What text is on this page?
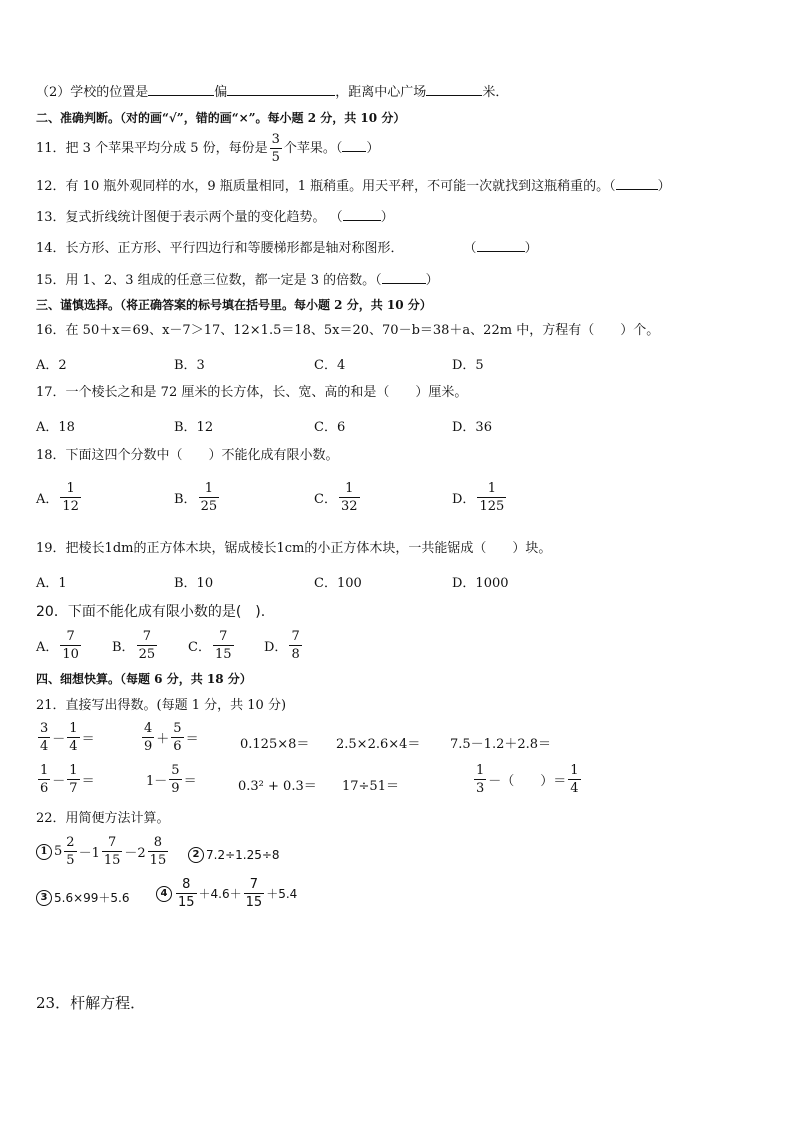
（2）学校的位置是	偏	，距离中心广场	米．
二、准确判断。（对的画“√”，错的画“×”。每小题 2 分，共 10 分）
11．把 3 个苹果平均分成 5 份，每份是 $\frac{3}{5}$ 个苹果。（ ）
12．有 10 瓶外观同样的水，9 瓶质量相同，1 瓶稍重。用天平秤，不可能一次就找到这瓶稍重的。（	）
13．复式折线统计图便于表示两个量的变化趋势。 （	）
14．长方形、正方形、平行四边行和等腰梯形都是轴对称图形．	（	）
15．用 1、2、3 组成的任意三位数，都一定是 3 的倍数。（	）
三、谨慎选择。（将正确答案的标号填在括号里。每小题 2 分，共 10 分）
16．在 50＋x＝69、x－7＞17、12×1.5＝18、5x＝20、70－b＝38＋a、22m 中，方程有（　　）个。
A．2	B．3	C．4	D．5
17．一个棱长之和是 72 厘米的长方体，长、宽、高的和是（　　）厘米。
A．18	B．12	C．6	D．36
18．下面这四个分数中（　　）不能化成有限小数。
A． $\frac{1}{12}$	B． $\frac{1}{25}$	C． $\frac{1}{32}$	D． $\frac{1}{125}$
19．把棱长1dm的正方体木块，锯成棱长1cm的小正方体木块，一共能锯成（　　）块。
A．1	B．10	C．100	D．1000
20．下面不能化成有限小数的是(　).
A． $\frac{7}{10}$ B． $\frac{7}{25}$ C． $\frac{7}{15}$ D． $\frac{7}{8}$
四、细想快算。（每题 6 分，共 18 分）
21．直接写出得数。(每题 1 分，共 10 分)
$\frac{3}{4} - \frac{1}{4}$ ＝	$\frac{4}{9} + \frac{5}{6}$ ＝	0.125×8＝ 2.5×2.6×4＝ 7.5－1.2＋2.8＝
$\frac{1}{6} - \frac{1}{7}$ ＝	$1- \frac{5}{9}$ ＝	0.3² + 0.3＝ 17÷51＝	$\frac{1}{3}$ －（　　）＝ $\frac{1}{4}$
22．用简便方法计算。
1 $5 \frac{2}{5} -1 \frac{7}{15} -2 \frac{8}{15}$	2 7.2÷1.25÷8
3 5.6×99＋5.6	$4 \frac{8}{15} +4.6+ \frac{7}{15} +5.4$
23．杆解方程．
